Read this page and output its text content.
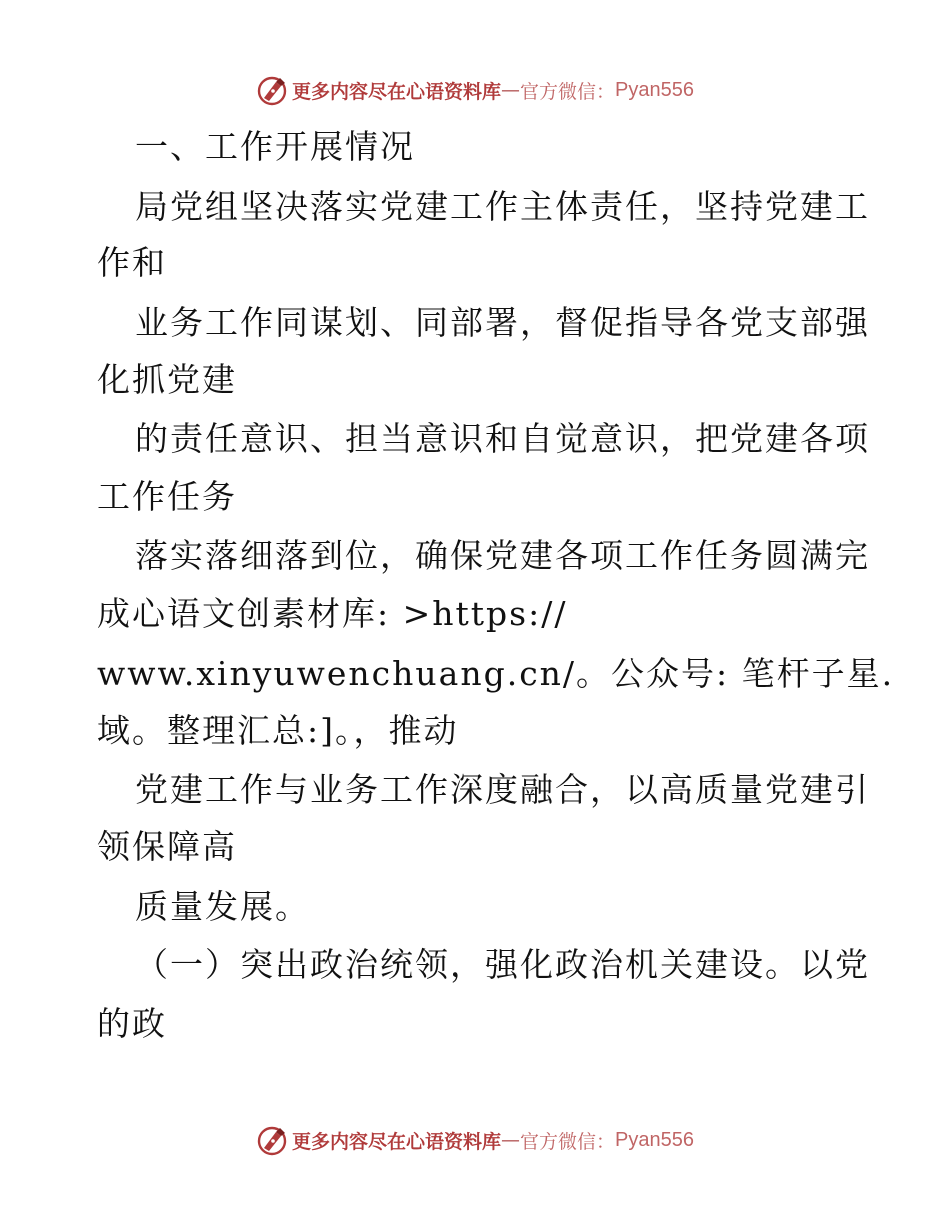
更多内容尽在心语资料库 — 官方微信： Pyan556
一、工作开展情况
局党组坚决落实党建工作主体责任，坚持党建工
作和
业务工作同谋划、同部署，督促指导各党支部强
化抓党建
的责任意识、担当意识和自觉意识，把党建各项
工作任务
落实落细落到位，确保党建各项工作任务圆满完
成心语文创素材库: >https://
www.xinyuwenchuang.cn/。公众号: 笔杆子星.
域。整理汇总:]。，推动
党建工作与业务工作深度融合，以高质量党建引
领保障高
质量发展。
（一）突出政治统领，强化政治机关建设。以党
的政
更多内容尽在心语资料库 — 官方微信： Pyan556
